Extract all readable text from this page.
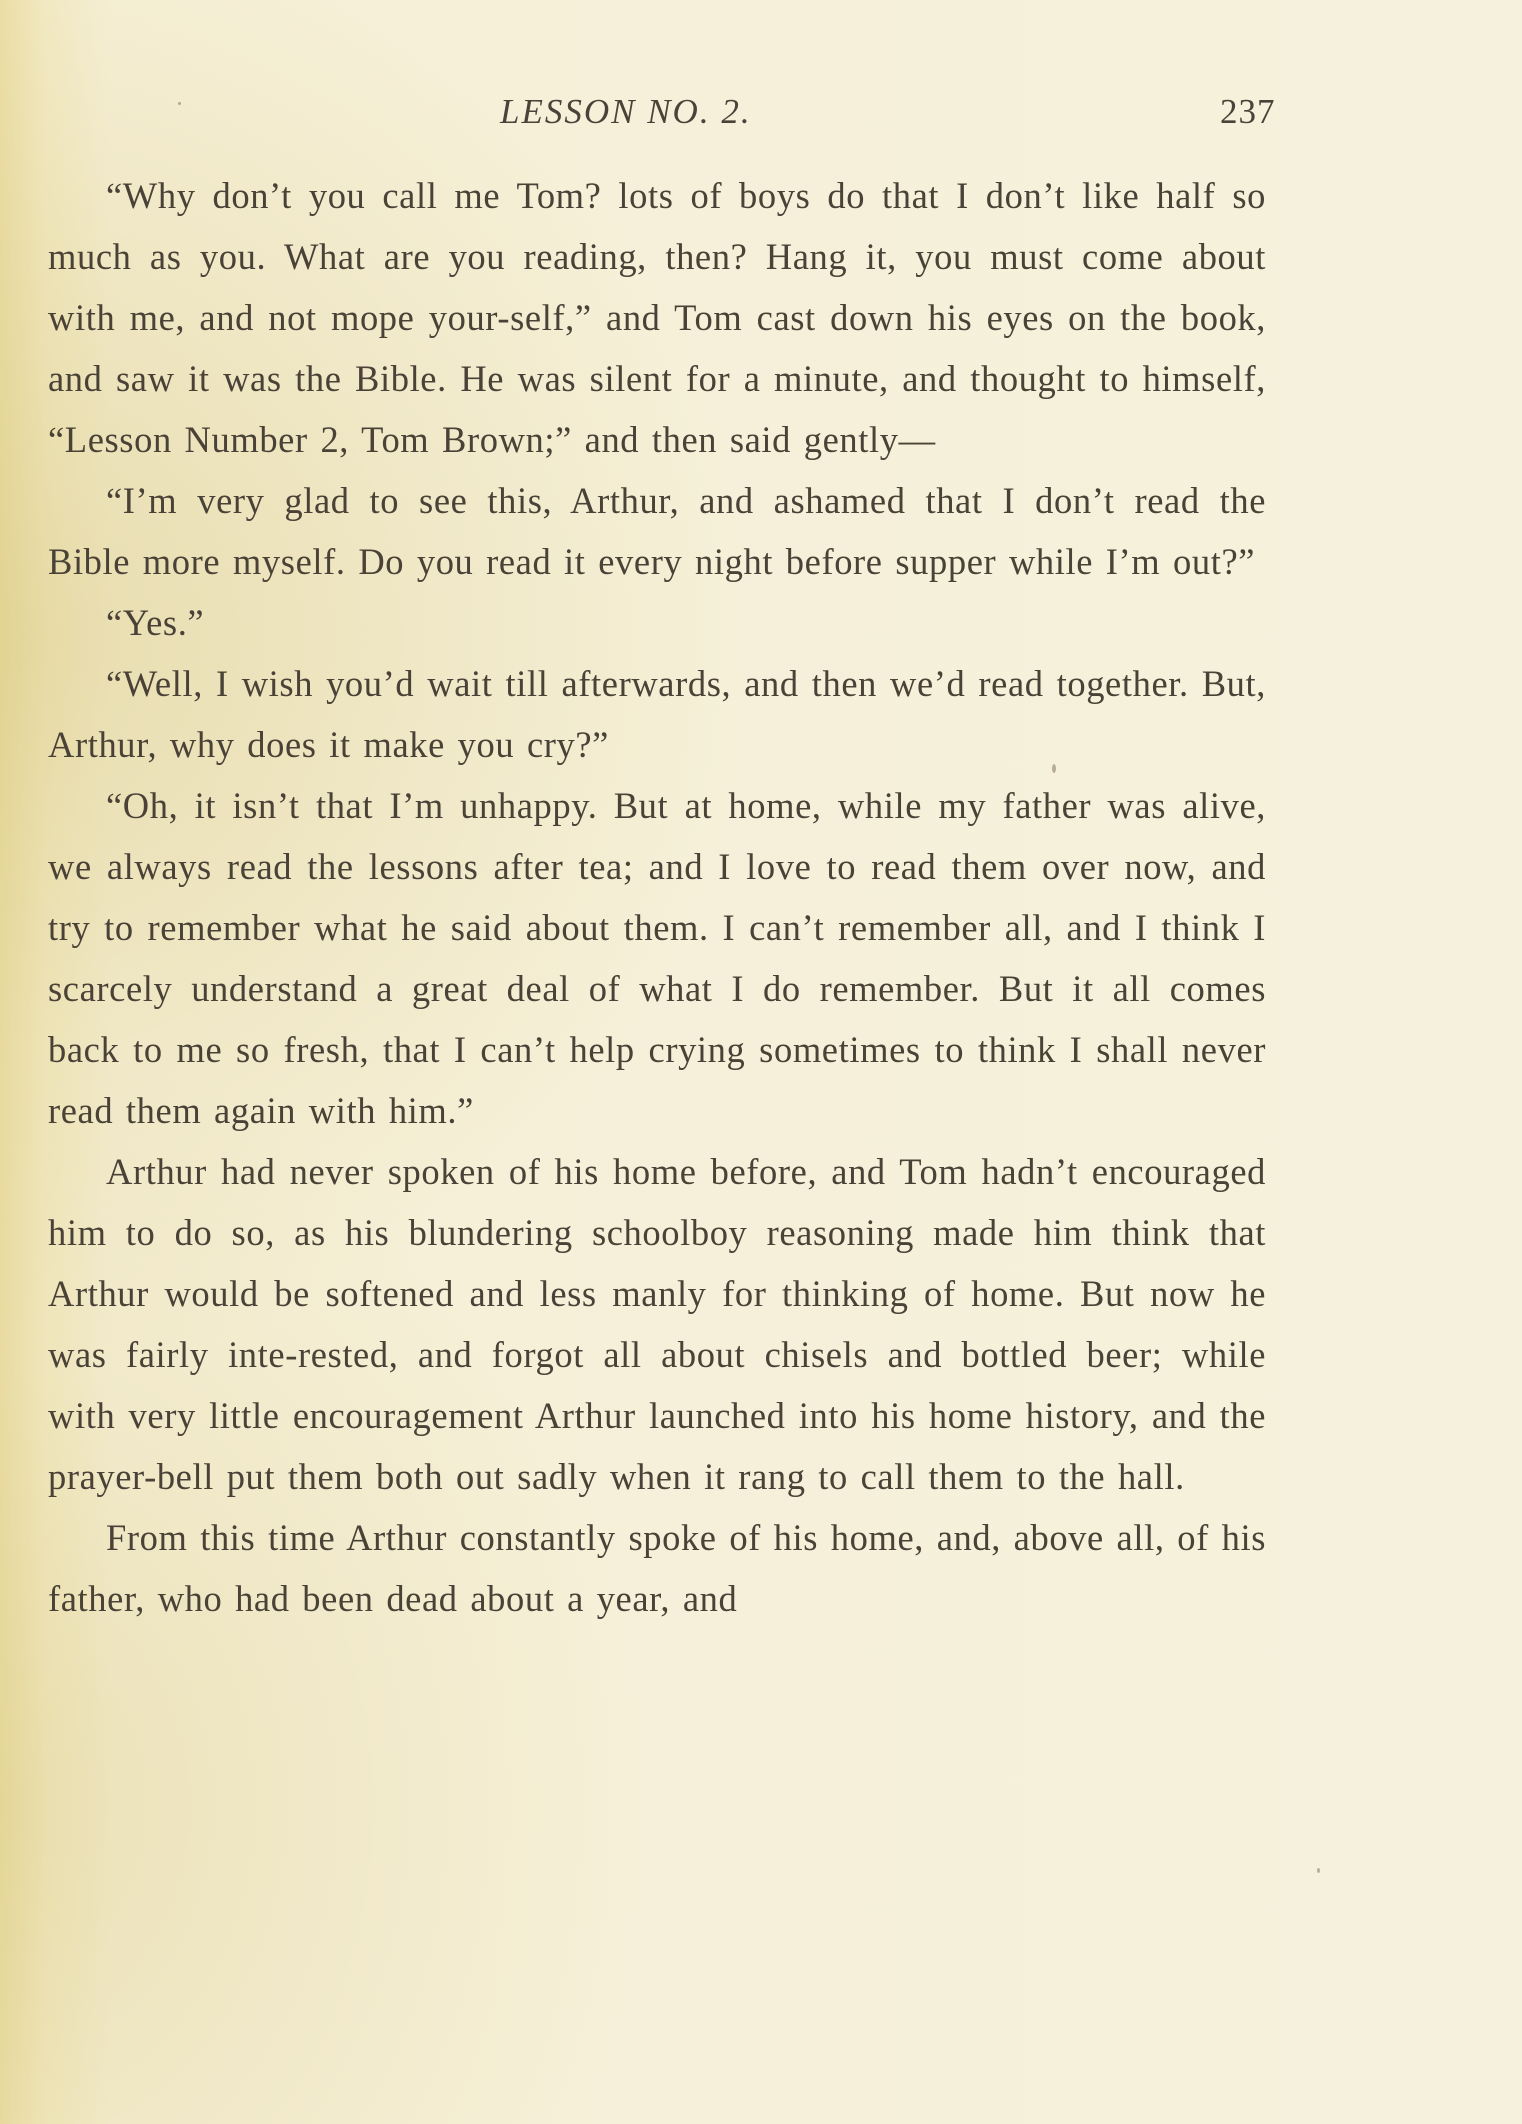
LESSON NO. 2.	237

“Why don’t you call me Tom? lots of boys do that I don’t like half so much as you. What are you reading, then? Hang it, you must come about with me, and not mope your-self,” and Tom cast down his eyes on the book, and saw it was the Bible. He was silent for a minute, and thought to himself, “Lesson Number 2, Tom Brown;” and then said gently—

“I’m very glad to see this, Arthur, and ashamed that I don’t read the Bible more myself. Do you read it every night before supper while I’m out?”

“Yes.”

“Well, I wish you’d wait till afterwards, and then we’d read together. But, Arthur, why does it make you cry?”

“Oh, it isn’t that I’m unhappy. But at home, while my father was alive, we always read the lessons after tea; and I love to read them over now, and try to remember what he said about them. I can’t remember all, and I think I scarcely understand a great deal of what I do remember. But it all comes back to me so fresh, that I can’t help crying sometimes to think I shall never read them again with him.”

Arthur had never spoken of his home before, and Tom hadn’t encouraged him to do so, as his blundering schoolboy reasoning made him think that Arthur would be softened and less manly for thinking of home. But now he was fairly inte-rested, and forgot all about chisels and bottled beer; while with very little encouragement Arthur launched into his home history, and the prayer-bell put them both out sadly when it rang to call them to the hall.

From this time Arthur constantly spoke of his home, and, above all, of his father, who had been dead about a year, and
